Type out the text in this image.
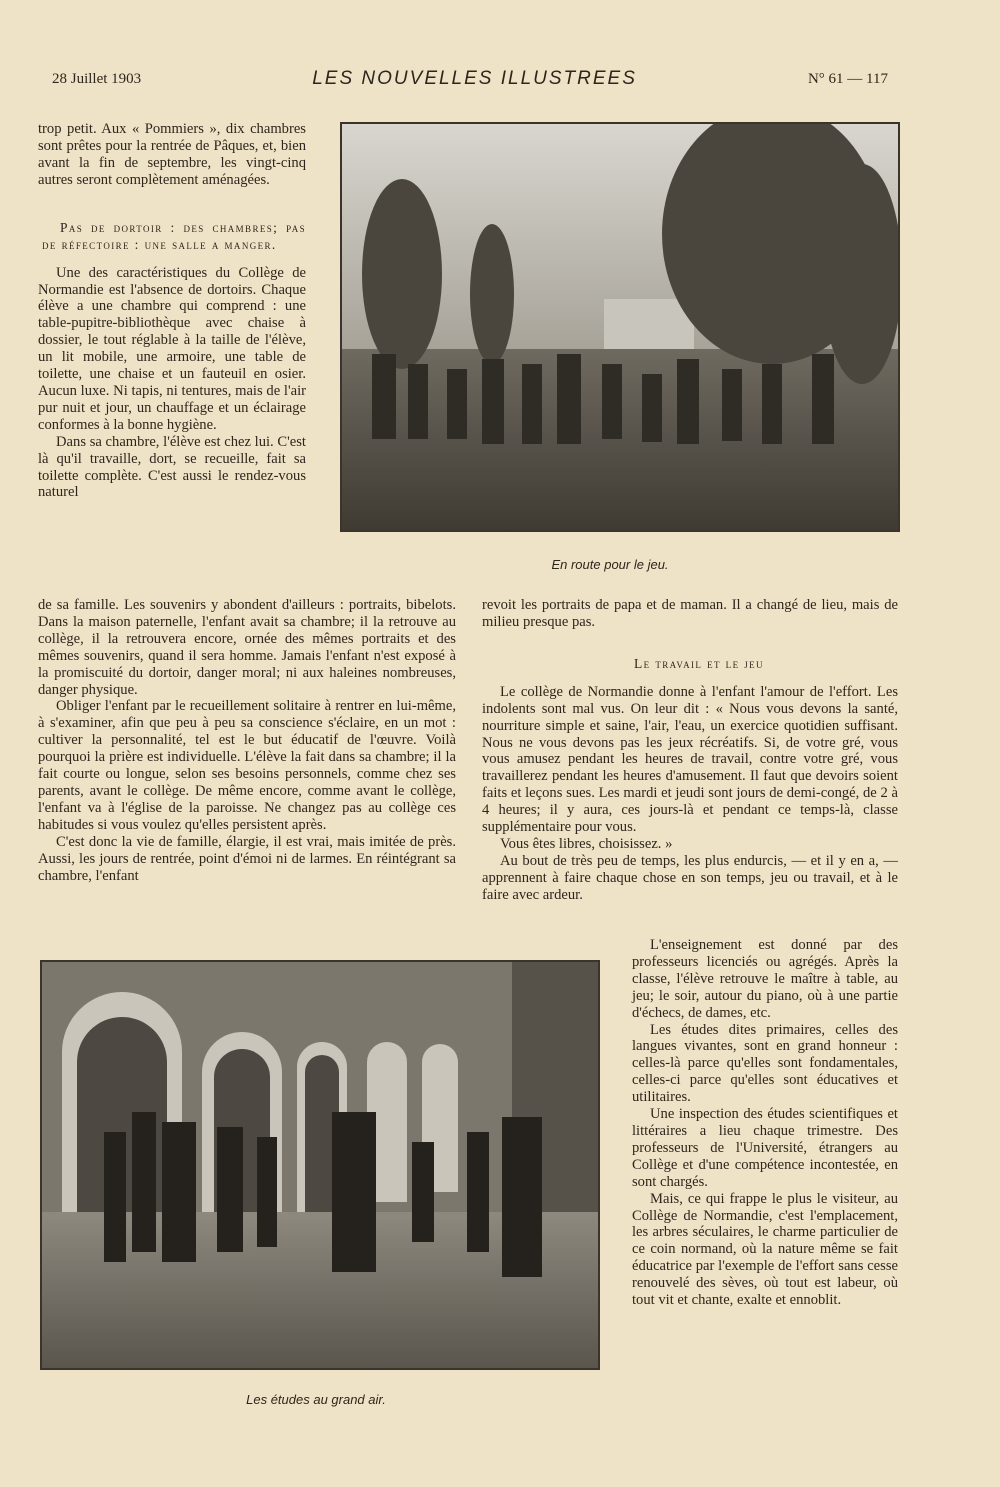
28 Juillet 1903	LES NOUVELLES ILLUSTREES	N° 61 — 117

trop petit. Aux « Pommiers », dix chambres sont prêtes pour la rentrée de Pâques, et, bien avant la fin de septembre, les vingt-cinq autres seront complètement aménagées.

Pas de dortoir : des chambres; pas de réfectoire : une salle a manger.

Une des caractéristiques du Collège de Normandie est l'absence de dortoirs. Chaque élève a une chambre qui comprend : une table-pupitre-bibliothèque avec chaise à dossier, le tout réglable à la taille de l'élève, un lit mobile, une armoire, une table de toilette, une chaise et un fauteuil en osier. Aucun luxe. Ni tapis, ni tentures, mais de l'air pur nuit et jour, un chauffage et un éclairage conformes à la bonne hygiène.

Dans sa chambre, l'élève est chez lui. C'est là qu'il travaille, dort, se recueille, fait sa toilette complète. C'est aussi le rendez-vous naturel

En route pour le jeu.

de sa famille. Les souvenirs y abondent d'ailleurs : portraits, bibelots. Dans la maison paternelle, l'enfant avait sa chambre; il la retrouve au collège, il la retrouvera encore, ornée des mêmes portraits et des mêmes souvenirs, quand il sera homme. Jamais l'enfant n'est exposé à la promiscuité du dortoir, danger moral; ni aux haleines nombreuses, danger physique.

Obliger l'enfant par le recueillement solitaire à rentrer en lui-même, à s'examiner, afin que peu à peu sa conscience s'éclaire, en un mot : cultiver la personnalité, tel est le but éducatif de l'œuvre. Voilà pourquoi la prière est individuelle. L'élève la fait dans sa chambre; il la fait courte ou longue, selon ses besoins personnels, comme chez ses parents, avant le collège. De même encore, comme avant le collège, l'enfant va à l'église de la paroisse. Ne changez pas au collège ces habitudes si vous voulez qu'elles persistent après.

C'est donc la vie de famille, élargie, il est vrai, mais imitée de près. Aussi, les jours de rentrée, point d'émoi ni de larmes. En réintégrant sa chambre, l'enfant

revoit les portraits de papa et de maman. Il a changé de lieu, mais de milieu presque pas.

Le travail et le jeu

Le collège de Normandie donne à l'enfant l'amour de l'effort. Les indolents sont mal vus. On leur dit : « Nous vous devons la santé, nourriture simple et saine, l'air, l'eau, un exercice quotidien suffisant. Nous ne vous devons pas les jeux récréatifs. Si, de votre gré, vous vous amusez pendant les heures de travail, contre votre gré, vous travaillerez pendant les heures d'amusement. Il faut que devoirs soient faits et leçons sues. Les mardi et jeudi sont jours de demi-congé, de 2 à 4 heures; il y aura, ces jours-là et pendant ce temps-là, classe supplémentaire pour vous.

Vous êtes libres, choisissez. »

Au bout de très peu de temps, les plus endurcis, — et il y en a, — apprennent à faire chaque chose en son temps, jeu ou travail, et à le faire avec ardeur.

Les études au grand air.

L'enseignement est donné par des professeurs licenciés ou agrégés. Après la classe, l'élève retrouve le maître à table, au jeu; le soir, autour du piano, où à une partie d'échecs, de dames, etc.

Les études dites primaires, celles des langues vivantes, sont en grand honneur : celles-là parce qu'elles sont fondamentales, celles-ci parce qu'elles sont éducatives et utilitaires.

Une inspection des études scientifiques et littéraires a lieu chaque trimestre. Des professeurs de l'Université, étrangers au Collège et d'une compétence incontestée, en sont chargés.

Mais, ce qui frappe le plus le visiteur, au Collège de Normandie, c'est l'emplacement, les arbres séculaires, le charme particulier de ce coin normand, où la nature même se fait éducatrice par l'exemple de l'effort sans cesse renouvelé des sèves, où tout est labeur, où tout vit et chante, exalte et ennoblit.
